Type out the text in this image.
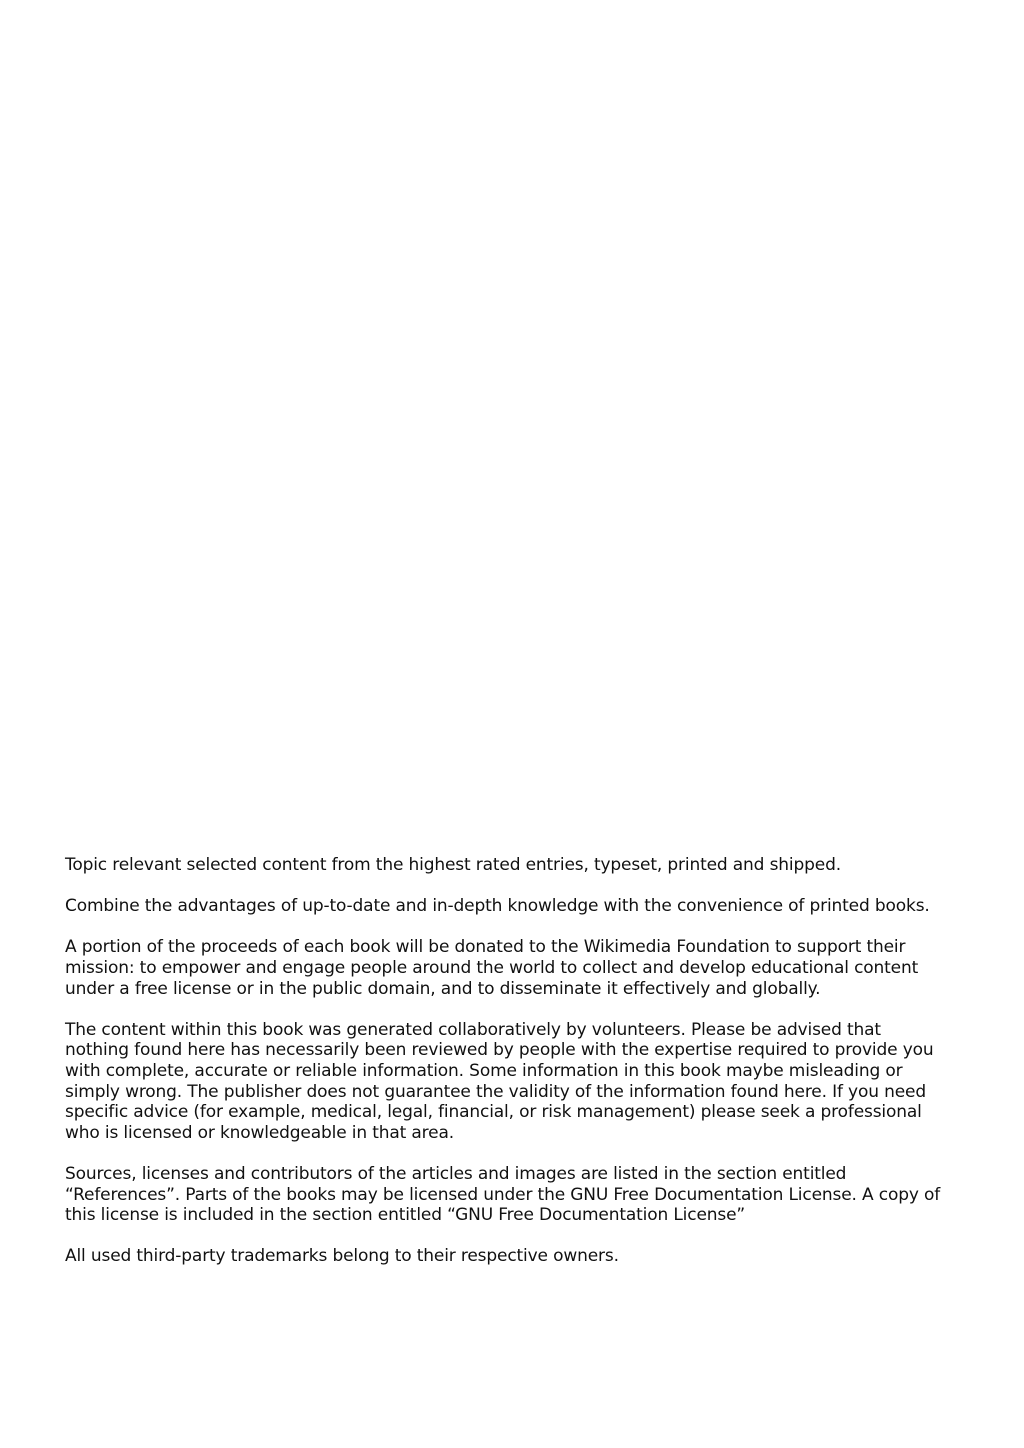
Topic relevant selected content from the highest rated entries, typeset, printed and shipped.

Combine the advantages of up-to-date and in-depth knowledge with the convenience of printed books.

A portion of the proceeds of each book will be donated to the Wikimedia Foundation to support their mission: to empower and engage people around the world to collect and develop educational content under a free license or in the public domain, and to disseminate it effectively and globally.

The content within this book was generated collaboratively by volunteers. Please be advised that nothing found here has necessarily been reviewed by people with the expertise required to provide you with complete, accurate or reliable information. Some information in this book maybe misleading or simply wrong. The publisher does not guarantee the validity of the information found here. If you need specific advice (for example, medical, legal, financial, or risk management) please seek a professional who is licensed or knowledgeable in that area.

Sources, licenses and contributors of the articles and images are listed in the section entitled “References”. Parts of the books may be licensed under the GNU Free Documentation License. A copy of this license is included in the section entitled “GNU Free Documentation License”

All used third-party trademarks belong to their respective owners.
